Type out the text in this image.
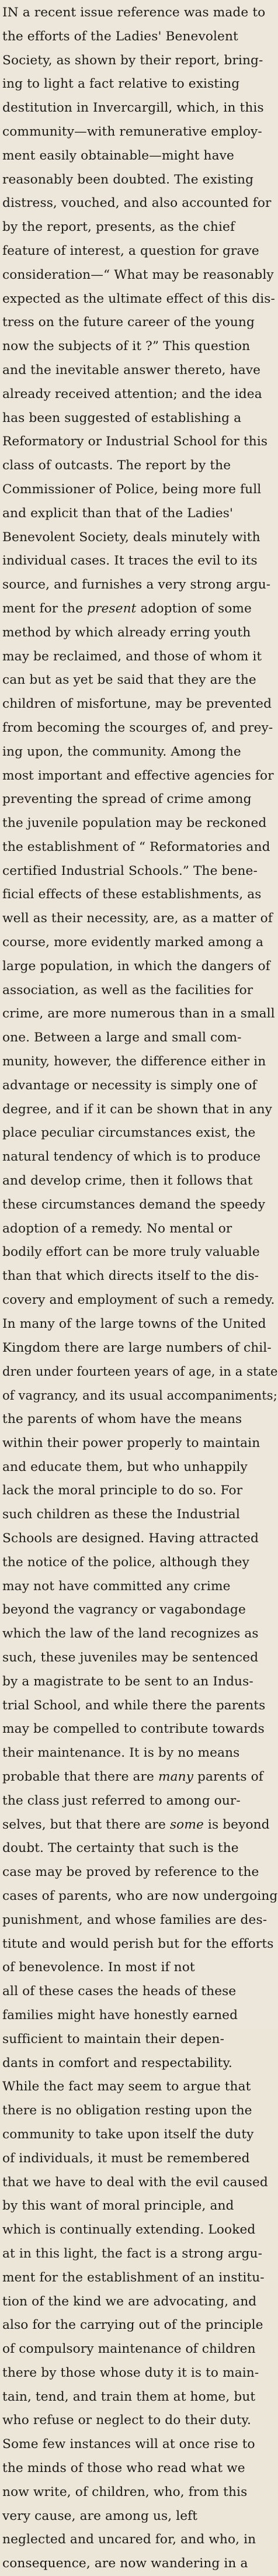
IN a recent issue reference was made to
the efforts of the Ladies' Benevolent
Society, as shown by their report, bring-
ing to light a fact relative to existing
destitution in Invercargill, which, in this
community—with remunerative employ-
ment easily obtainable—might have
reasonably been doubted. The existing
distress, vouched, and also accounted for
by the report, presents, as the chief
feature of interest, a question for grave
consideration—“ What may be reasonably
expected as the ultimate effect of this dis-
tress on the future career of the young
now the subjects of it ?” This question
and the inevitable answer thereto, have
already received attention; and the idea
has been suggested of establishing a
Reformatory or Industrial School for this
class of outcasts. The report by the
Commissioner of Police, being more full
and explicit than that of the Ladies'
Benevolent Society, deals minutely with
individual cases. It traces the evil to its
source, and furnishes a very strong argu-
ment for the present adoption of some
method by which already erring youth
may be reclaimed, and those of whom it
can but as yet be said that they are the
children of misfortune, may be prevented
from becoming the scourges of, and prey-
ing upon, the community. Among the
most important and effective agencies for
preventing the spread of crime among
the juvenile population may be reckoned
the establishment of “ Reformatories and
certified Industrial Schools.” The bene-
ficial effects of these establishments, as
well as their necessity, are, as a matter of
course, more evidently marked among a
large population, in which the dangers of
association, as well as the facilities for
crime, are more numerous than in a small
one. Between a large and small com-
munity, however, the difference either in
advantage or necessity is simply one of
degree, and if it can be shown that in any
place peculiar circumstances exist, the
natural tendency of which is to produce
and develop crime, then it follows that
these circumstances demand the speedy
adoption of a remedy. No mental or
bodily effort can be more truly valuable
than that which directs itself to the dis-
covery and employment of such a remedy.
In many of the large towns of the United
Kingdom there are large numbers of chil-
dren under fourteen years of age, in a state
of vagrancy, and its usual accompaniments;
the parents of whom have the means
within their power properly to maintain
and educate them, but who unhappily
lack the moral principle to do so. For
such children as these the Industrial
Schools are designed. Having attracted
the notice of the police, although they
may not have committed any crime
beyond the vagrancy or vagabondage
which the law of the land recognizes as
such, these juveniles may be sentenced
by a magistrate to be sent to an Indus-
trial School, and while there the parents
may be compelled to contribute towards
their maintenance. It is by no means
probable that there are many parents of
the class just referred to among our-
selves, but that there are some is beyond
doubt. The certainty that such is the
case may be proved by reference to the
cases of parents, who are now undergoing
punishment, and whose families are des-
titute and would perish but for the efforts
of benevolence. In most if not
all of these cases the heads of these
families might have honestly earned
sufficient to maintain their depen-
dants in comfort and respectability.
While the fact may seem to argue that
there is no obligation resting upon the
community to take upon itself the duty
of individuals, it must be remembered
that we have to deal with the evil caused
by this want of moral principle, and
which is continually extending. Looked
at in this light, the fact is a strong argu-
ment for the establishment of an institu-
tion of the kind we are advocating, and
also for the carrying out of the principle
of compulsory maintenance of children
there by those whose duty it is to main-
tain, tend, and train them at home, but
who refuse or neglect to do their duty.
Some few instances will at once rise to
the minds of those who read what we
now write, of children, who, from this
very cause, are among us, left
neglected and uncared for, and who, in
consequence, are now wandering in a
